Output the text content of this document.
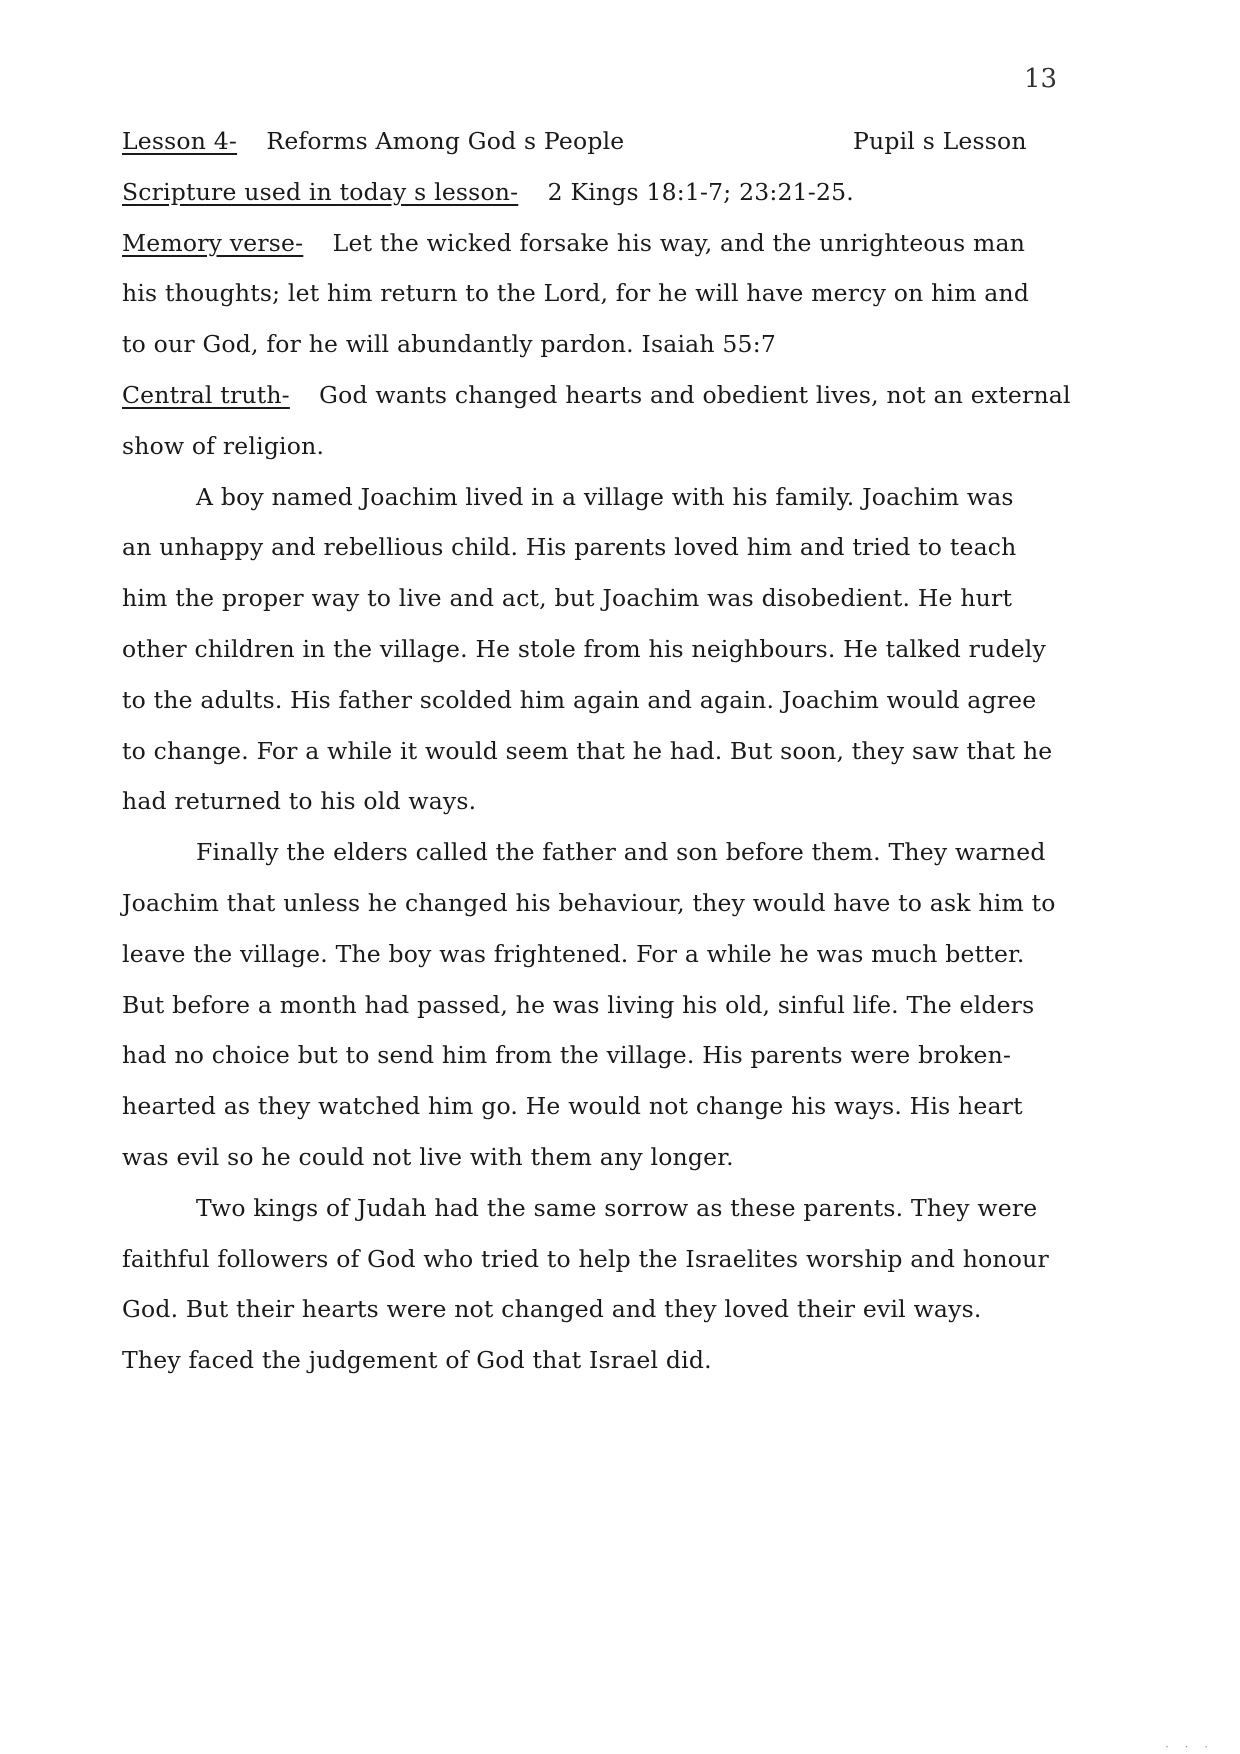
13
Lesson 4- Reforms Among God s People	Pupil s Lesson
Scripture used in today s lesson- 2 Kings 18:1-7; 23:21-25.
Memory verse- Let the wicked forsake his way, and the unrighteous man
his thoughts; let him return to the Lord, for he will have mercy on him and
to our God, for he will abundantly pardon. Isaiah 55:7
Central truth- God wants changed hearts and obedient lives, not an external
show of religion.
A boy named Joachim lived in a village with his family. Joachim was
an unhappy and rebellious child. His parents loved him and tried to teach
him the proper way to live and act, but Joachim was disobedient. He hurt
other children in the village. He stole from his neighbours. He talked rudely
to the adults. His father scolded him again and again. Joachim would agree
to change. For a while it would seem that he had. But soon, they saw that he
had returned to his old ways.
Finally the elders called the father and son before them. They warned
Joachim that unless he changed his behaviour, they would have to ask him to
leave the village. The boy was frightened. For a while he was much better.
But before a month had passed, he was living his old, sinful life. The elders
had no choice but to send him from the village. His parents were broken-
hearted as they watched him go. He would not change his ways. His heart
was evil so he could not live with them any longer.
Two kings of Judah had the same sorrow as these parents. They were
faithful followers of God who tried to help the Israelites worship and honour
God. But their hearts were not changed and they loved their evil ways.
They faced the judgement of God that Israel did.
· · ·
